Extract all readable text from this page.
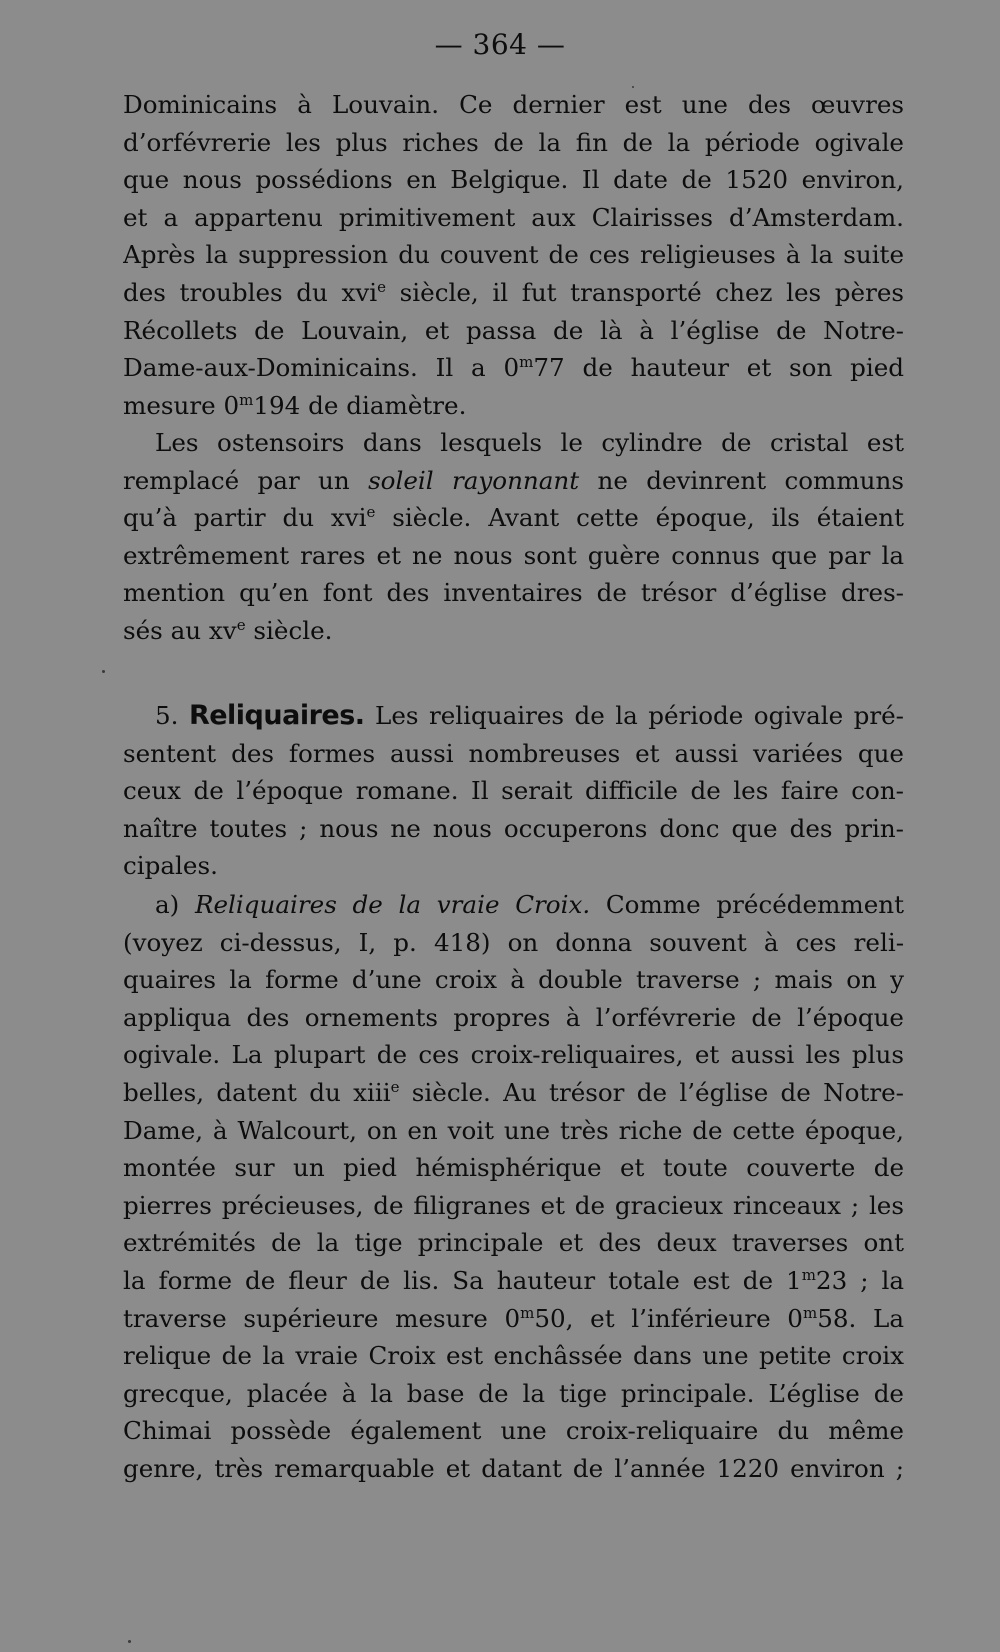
— 364 —
Dominicains à Louvain. Ce dernier est une des œuvres
d’orfévrerie les plus riches de la fin de la période ogivale
que nous possédions en Belgique. Il date de 1520 environ,
et a appartenu primitivement aux Clairisses d’Amsterdam.
Après la suppression du couvent de ces religieuses à la suite
des troubles du xvi$^e$ siècle, il fut transporté chez les pères
Récollets de Louvain, et passa de là à l’église de Notre-
Dame-aux-Dominicains. Il a 0$^m$77 de hauteur et son pied
mesure 0$^m$194 de diamètre.
Les ostensoirs dans lesquels le cylindre de cristal est
remplacé par un soleil rayonnant ne devinrent communs
qu’à partir du xvi$^e$ siècle. Avant cette époque, ils étaient
extrêmement rares et ne nous sont guère connus que par la
mention qu’en font des inventaires de trésor d’église dres-
sés au $xv^e$ siècle.
5. Reliquaires. Les reliquaires de la période ogivale pré-
sentent des formes aussi nombreuses et aussi variées que
ceux de l’époque romane. Il serait difficile de les faire con-
naître toutes ; nous ne nous occuperons donc que des prin-
cipales.
a) Reliquaires de la vraie Croix. Comme précédemment
(voyez ci-dessus, I, p. 418) on donna souvent à ces reli-
quaires la forme d’une croix à double traverse ; mais on y
appliqua des ornements propres à l’orfévrerie de l’époque
ogivale. La plupart de ces croix-reliquaires, et aussi les plus
belles, datent du xiii$^e$ siècle. Au trésor de l’église de Notre-
Dame, à Walcourt, on en voit une très riche de cette époque,
montée sur un pied hémisphérique et toute couverte de
pierres précieuses, de filigranes et de gracieux rinceaux ; les
extrémités de la tige principale et des deux traverses ont
la forme de fleur de lis. Sa hauteur totale est de 1$^m$23 ; la
traverse supérieure mesure 0$^m$50, et l’inférieure 0$^m$58. La
relique de la vraie Croix est enchâssée dans une petite croix
grecque, placée à la base de la tige principale. L’église de
Chimai possède également une croix-reliquaire du même
genre, très remarquable et datant de l’année 1220 environ ;
